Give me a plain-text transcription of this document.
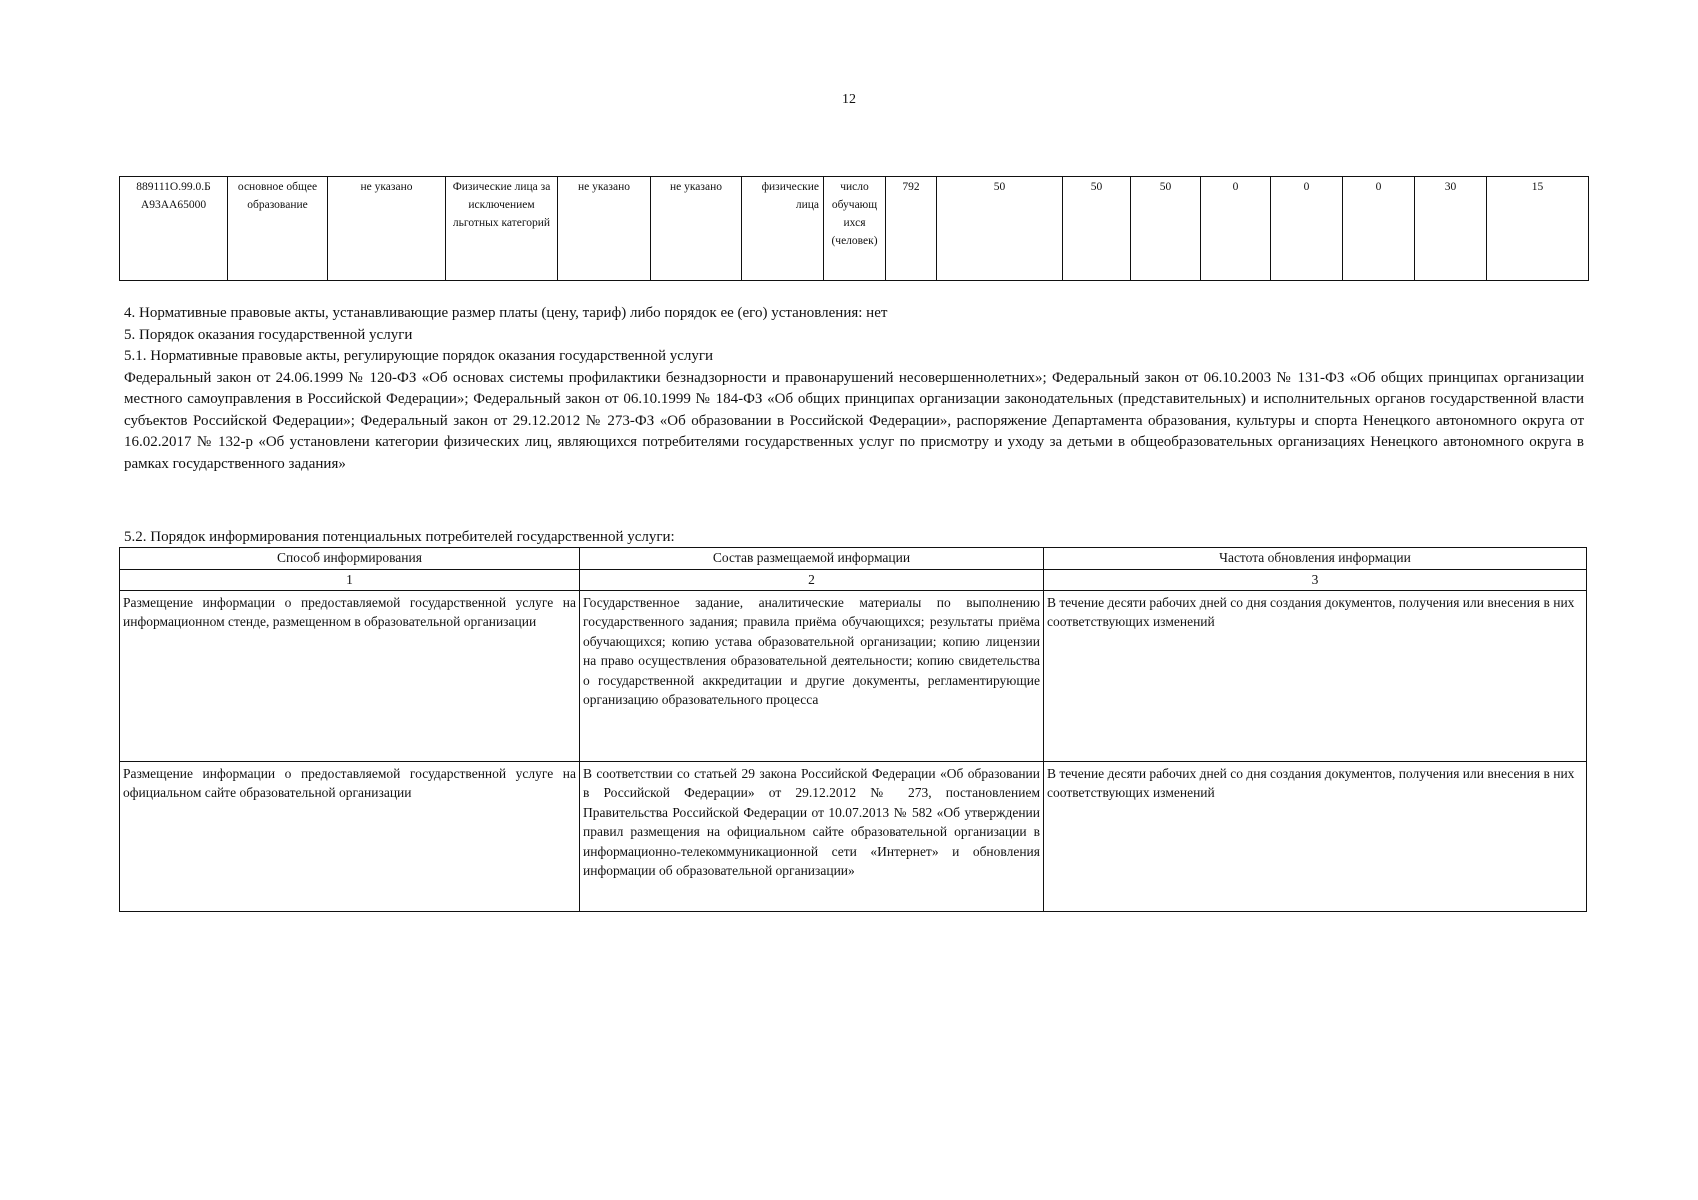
12
889111О.99.0.Б А93АА65000	основное общее образование	не указано	Физические лица за исключением льготных категорий	не указано	не указано	физические лица	число обучающ ихся (человек)	792	50	50	50	0	0	0	30	15

4. Нормативные правовые акты, устанавливающие размер платы (цену, тариф) либо порядок ее (его) установления: нет

5. Порядок оказания государственной услуги

5.1. Нормативные правовые акты, регулирующие порядок оказания государственной услуги

Федеральный закон от 24.06.1999 № 120-ФЗ «Об основах системы профилактики безнадзорности и правонарушений несовершеннолетних»; Федеральный закон от 06.10.2003 № 131-ФЗ «Об общих принципах организации местного самоуправления в Российской Федерации»; Федеральный закон от 06.10.1999 № 184-ФЗ «Об общих принципах организации законодательных (представительных) и исполнительных органов государственной власти субъектов Российской Федерации»; Федеральный закон от 29.12.2012 № 273-ФЗ «Об образовании в Российской Федерации», распоряжение Департамента образования, культуры и спорта Ненецкого автономного округа от 16.02.2017 № 132-р «Об установлени категории физических лиц, являющихся потребителями государственных услуг по присмотру и уходу за детьми в общеобразовательных организациях Ненецкого автономного округа в рамках государственного задания»

5.2. Порядок информирования потенциальных потребителей государственной услуги:

Способ информирования	Состав размещаемой информации	Частота обновления информации
1	2	3
Размещение информации о предоставляемой государственной услуге на информационном стенде, размещенном в образовательной организации	Государственное задание, аналитические материалы по выполнению государственного задания; правила приёма обучающихся; результаты приёма обучающихся; копию устава образовательной организации; копию лицензии на право осуществления образовательной деятельности; копию свидетельства о государственной аккредитации и другие документы, регламентирующие организацию образовательного процесса	В течение десяти рабочих дней со дня создания документов, получения или внесения в них соответствующих изменений
Размещение информации о предоставляемой государственной услуге на официальном сайте образовательной организации	В соответствии со статьей 29 закона Российской Федерации «Об образовании в Российской Федерации» от 29.12.2012 № 273, постановлением Правительства Российской Федерации от 10.07.2013 № 582 «Об утверждении правил размещения на официальном сайте образовательной организации в информационно-телекоммуникационной сети «Интернет» и обновления информации об образовательной организации»	В течение десяти рабочих дней со дня создания документов, получения или внесения в них соответствующих изменений
